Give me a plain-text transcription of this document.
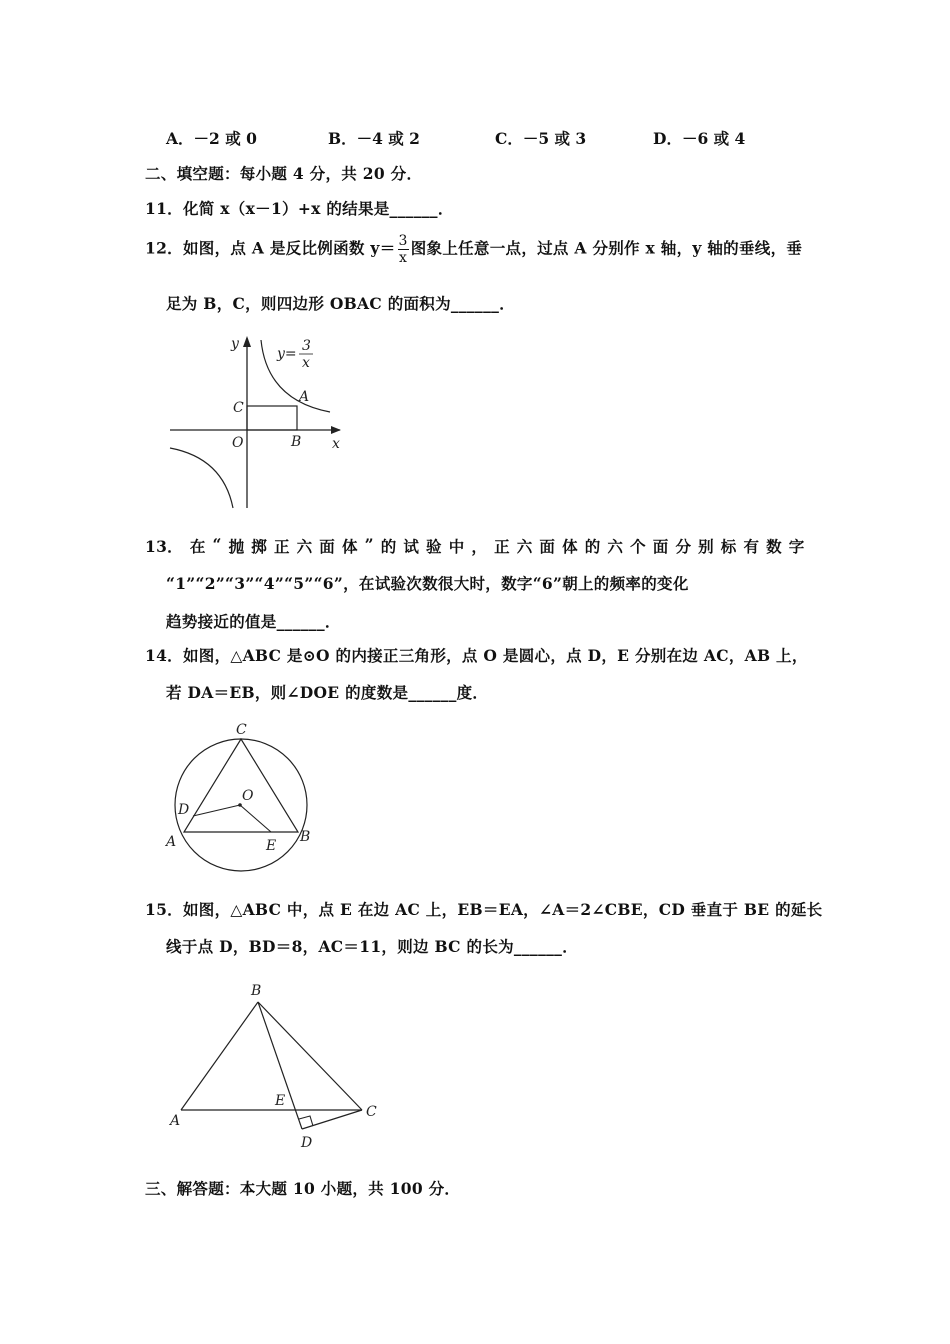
A．－2 或 0	B．－4 或 2	C．－5 或 3	D．－6 或 4
二、填空题：每小题 4 分，共 20 分．
11．化简 x（x－1）+x 的结果是______．
12．如图，点 A 是反比例函数 $y= \frac{3}{x}$ 图象上任意一点，过点 A 分别作 x 轴，y 轴的垂线，垂
足为 B，C，则四边形 OBAC 的面积为______．
y
x
O
A
B
C
y= 3
x
13． 在 “ 抛 掷 正 六 面 体 ” 的 试 验 中 ， 正 六 面 体 的 六 个 面 分 别 标 有 数 字
“1”“2”“3”“4”“5”“6”，在试验次数很大时，数字“6”朝上的频率的变化
趋势接近的值是______．
14．如图，△ABC 是⊙O 的内接正三角形，点 O 是圆心，点 D，E 分别在边 AC，AB 上，
若 DA＝EB，则∠DOE 的度数是______度．
C
O
D
A	E
B
15．如图，△ABC 中，点 E 在边 AC 上，EB＝EA，∠A＝2∠CBE，CD 垂直于 BE 的延长
线于点 D，BD＝8，AC＝11，则边 BC 的长为______．
B
A
E
C
D
三、解答题：本大题 10 小题，共 100 分．
